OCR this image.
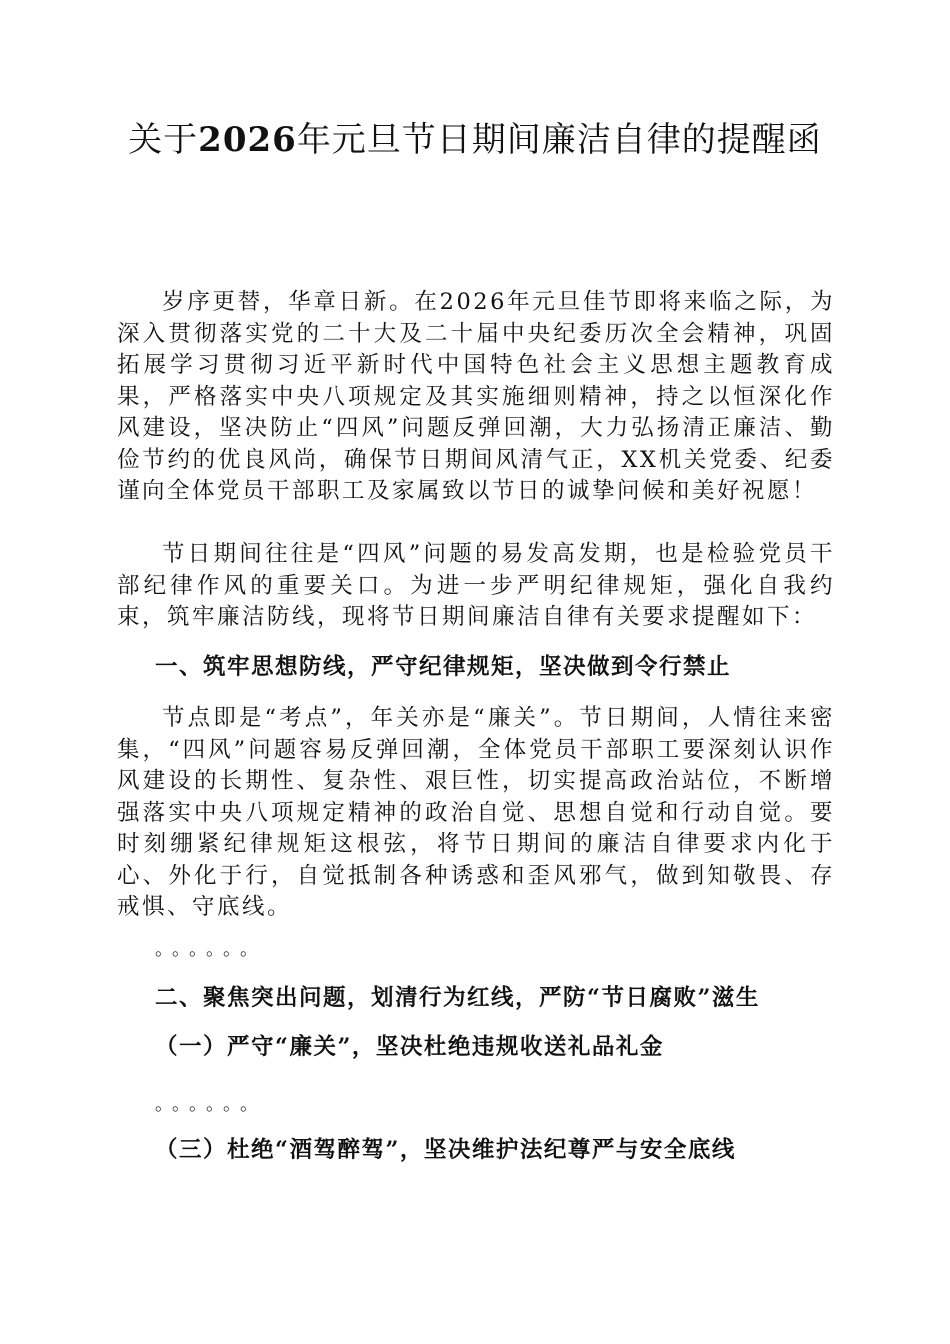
关于2026年元旦节日期间廉洁自律的提醒函

岁序更替，华章日新。在2026年元旦佳节即将来临之际，为深入贯彻落实党的二十大及二十届中央纪委历次全会精神，巩固拓展学习贯彻习近平新时代中国特色社会主义思想主题教育成果，严格落实中央八项规定及其实施细则精神，持之以恒深化作风建设，坚决防止“四风”问题反弹回潮，大力弘扬清正廉洁、勤俭节约的优良风尚，确保节日期间风清气正，XX机关党委、纪委谨向全体党员干部职工及家属致以节日的诚挚问候和美好祝愿！

节日期间往往是“四风”问题的易发高发期，也是检验党员干部纪律作风的重要关口。为进一步严明纪律规矩，强化自我约束，筑牢廉洁防线，现将节日期间廉洁自律有关要求提醒如下：

一、筑牢思想防线，严守纪律规矩，坚决做到令行禁止

节点即是“考点”，年关亦是“廉关”。节日期间，人情往来密集，“四风”问题容易反弹回潮，全体党员干部职工要深刻认识作风建设的长期性、复杂性、艰巨性，切实提高政治站位，不断增强落实中央八项规定精神的政治自觉、思想自觉和行动自觉。要时刻绷紧纪律规矩这根弦，将节日期间的廉洁自律要求内化于心、外化于行，自觉抵制各种诱惑和歪风邪气，做到知敬畏、存戒惧、守底线。

。。。。。。

二、聚焦突出问题，划清行为红线，严防“节日腐败”滋生

（一）严守“廉关”，坚决杜绝违规收送礼品礼金

。。。。。。

（三）杜绝“酒驾醉驾”，坚决维护法纪尊严与安全底线
